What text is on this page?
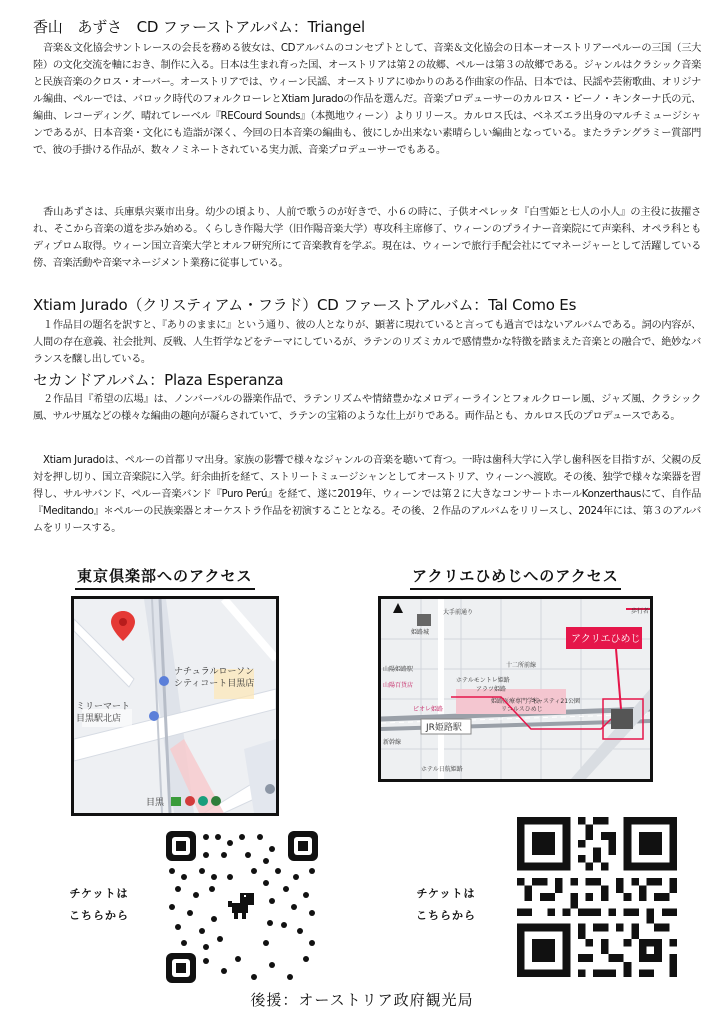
香山　あずさ　CD ファーストアルバム：Triangel
　音楽＆文化協会サントレースの会長を務める彼女は、CDアルバムのコンセプトとして、音楽＆文化協会の日本ーオーストリアーペルーの三国（三大陸）の文化交流を軸におき、制作に入る。日本は生まれ育った国、オーストリアは第２の故郷、ペルーは第３の故郷である。ジャンルはクラシック音楽と民族音楽のクロス・オーバー。オーストリアでは、ウィーン民謡、オーストリアにゆかりのある作曲家の作品、日本では、民謡や芸術歌曲、オリジナル編曲、ペルーでは、バロック時代のフォルクローレとXtiam Juradoの作品を選んだ。音楽プロデューサーのカルロス・ピーノ・キンターナ氏の元、編曲、レコーディング、晴れてレーベル『RECourd Sounds』（本拠地ウィーン）よりリリース。カルロス氏は、ベネズエラ出身のマルチミュージシャンであるが、日本音楽・文化にも造詣が深く、今回の日本音楽の編曲も、彼にしか出来ない素晴らしい編曲となっている。またラテングラミー賞部門で、彼の手掛ける作品が、数々ノミネートされている実力派、音楽プロデューサーでもある。
　香山あずさは、兵庫県宍粟市出身。幼少の頃より、人前で歌うのが好きで、小６の時に、子供オペレッタ『白雪姫と七人の小人』の主役に抜擢され、そこから音楽の道を歩み始める。くらしき作陽大学（旧作陽音楽大学）専攻科主席修了、ウィーンのプライナー音楽院にて声楽科、オペラ科ともディプロム取得。ウィーン国立音楽大学とオルフ研究所にて音楽教育を学ぶ。現在は、ウィーンで旅行手配会社にてマネージャーとして活躍している傍、音楽活動や音楽マネージメント業務に従事している。
Xtiam Jurado（クリスティアム・フラド）CD ファーストアルバム：Tal Como Es
　１作品目の題名を訳すと、『ありのままに』という通り、彼の人となりが、顕著に現れていると言っても過言ではないアルバムである。詞の内容が、人間の存在意義、社会批判、反戦、人生哲学などをテーマにしているが、ラテンのリズミカルで感情豊かな特徴を踏まえた音楽との融合で、絶妙なバランスを醸し出している。
セカンドアルバム：Plaza Esperanza
　２作品目『希望の広場』は、ノンバーバルの器楽作品で、ラテンリズムや情緒豊かなメロディーラインとフォルクローレ風、ジャズ風、クラシック風、サルサ風などの様々な編曲の趣向が凝らされていて、ラテンの宝箱のような仕上がりである。両作品とも、カルロス氏のプロデュースである。
　Xtiam Juradoは、ペルーの首都リマ出身。家族の影響で様々なジャンルの音楽を聴いて育つ。一時は歯科大学に入学し歯科医を目指すが、父親の反対を押し切り、国立音楽院に入学。紆余曲折を経て、ストリートミュージシャンとしてオーストリア、ウィーンへ渡欧。その後、独学で様々な楽器を習得し、サルサバンド、ペルー音楽バンド『Puro Perú』を経て、遂に2019年、ウィーンでは第２に大きなコンサートホールKonzerthausにて、自作品『Meditando』＊ペルーの民族楽器とオーケストラ作品を初演することとなる。その後、２作品のアルバムをリリースし、2024年には、第３のアルバムをリリースする。
東京倶楽部へのアクセス	アクリエひめじへのアクセス
ナチュラルローソン
シティコート目黒店
ミリーマート
目黒駅北店
目黒
JR姫路駅
山陽百貨店
山陽姫路駅
ピオレ姫路
姫路城
新幹線
ホテルモントレ姫路
アラツ姫路
姫路医療専門学校
リコルスひめじ
キャスティ21公園
ホテル日航姫路
十二所前線
大手前通り
アクリエひめじ
歩行者
チケットは
こちらから
チケットは
こちらから
後援：オーストリア政府観光局
